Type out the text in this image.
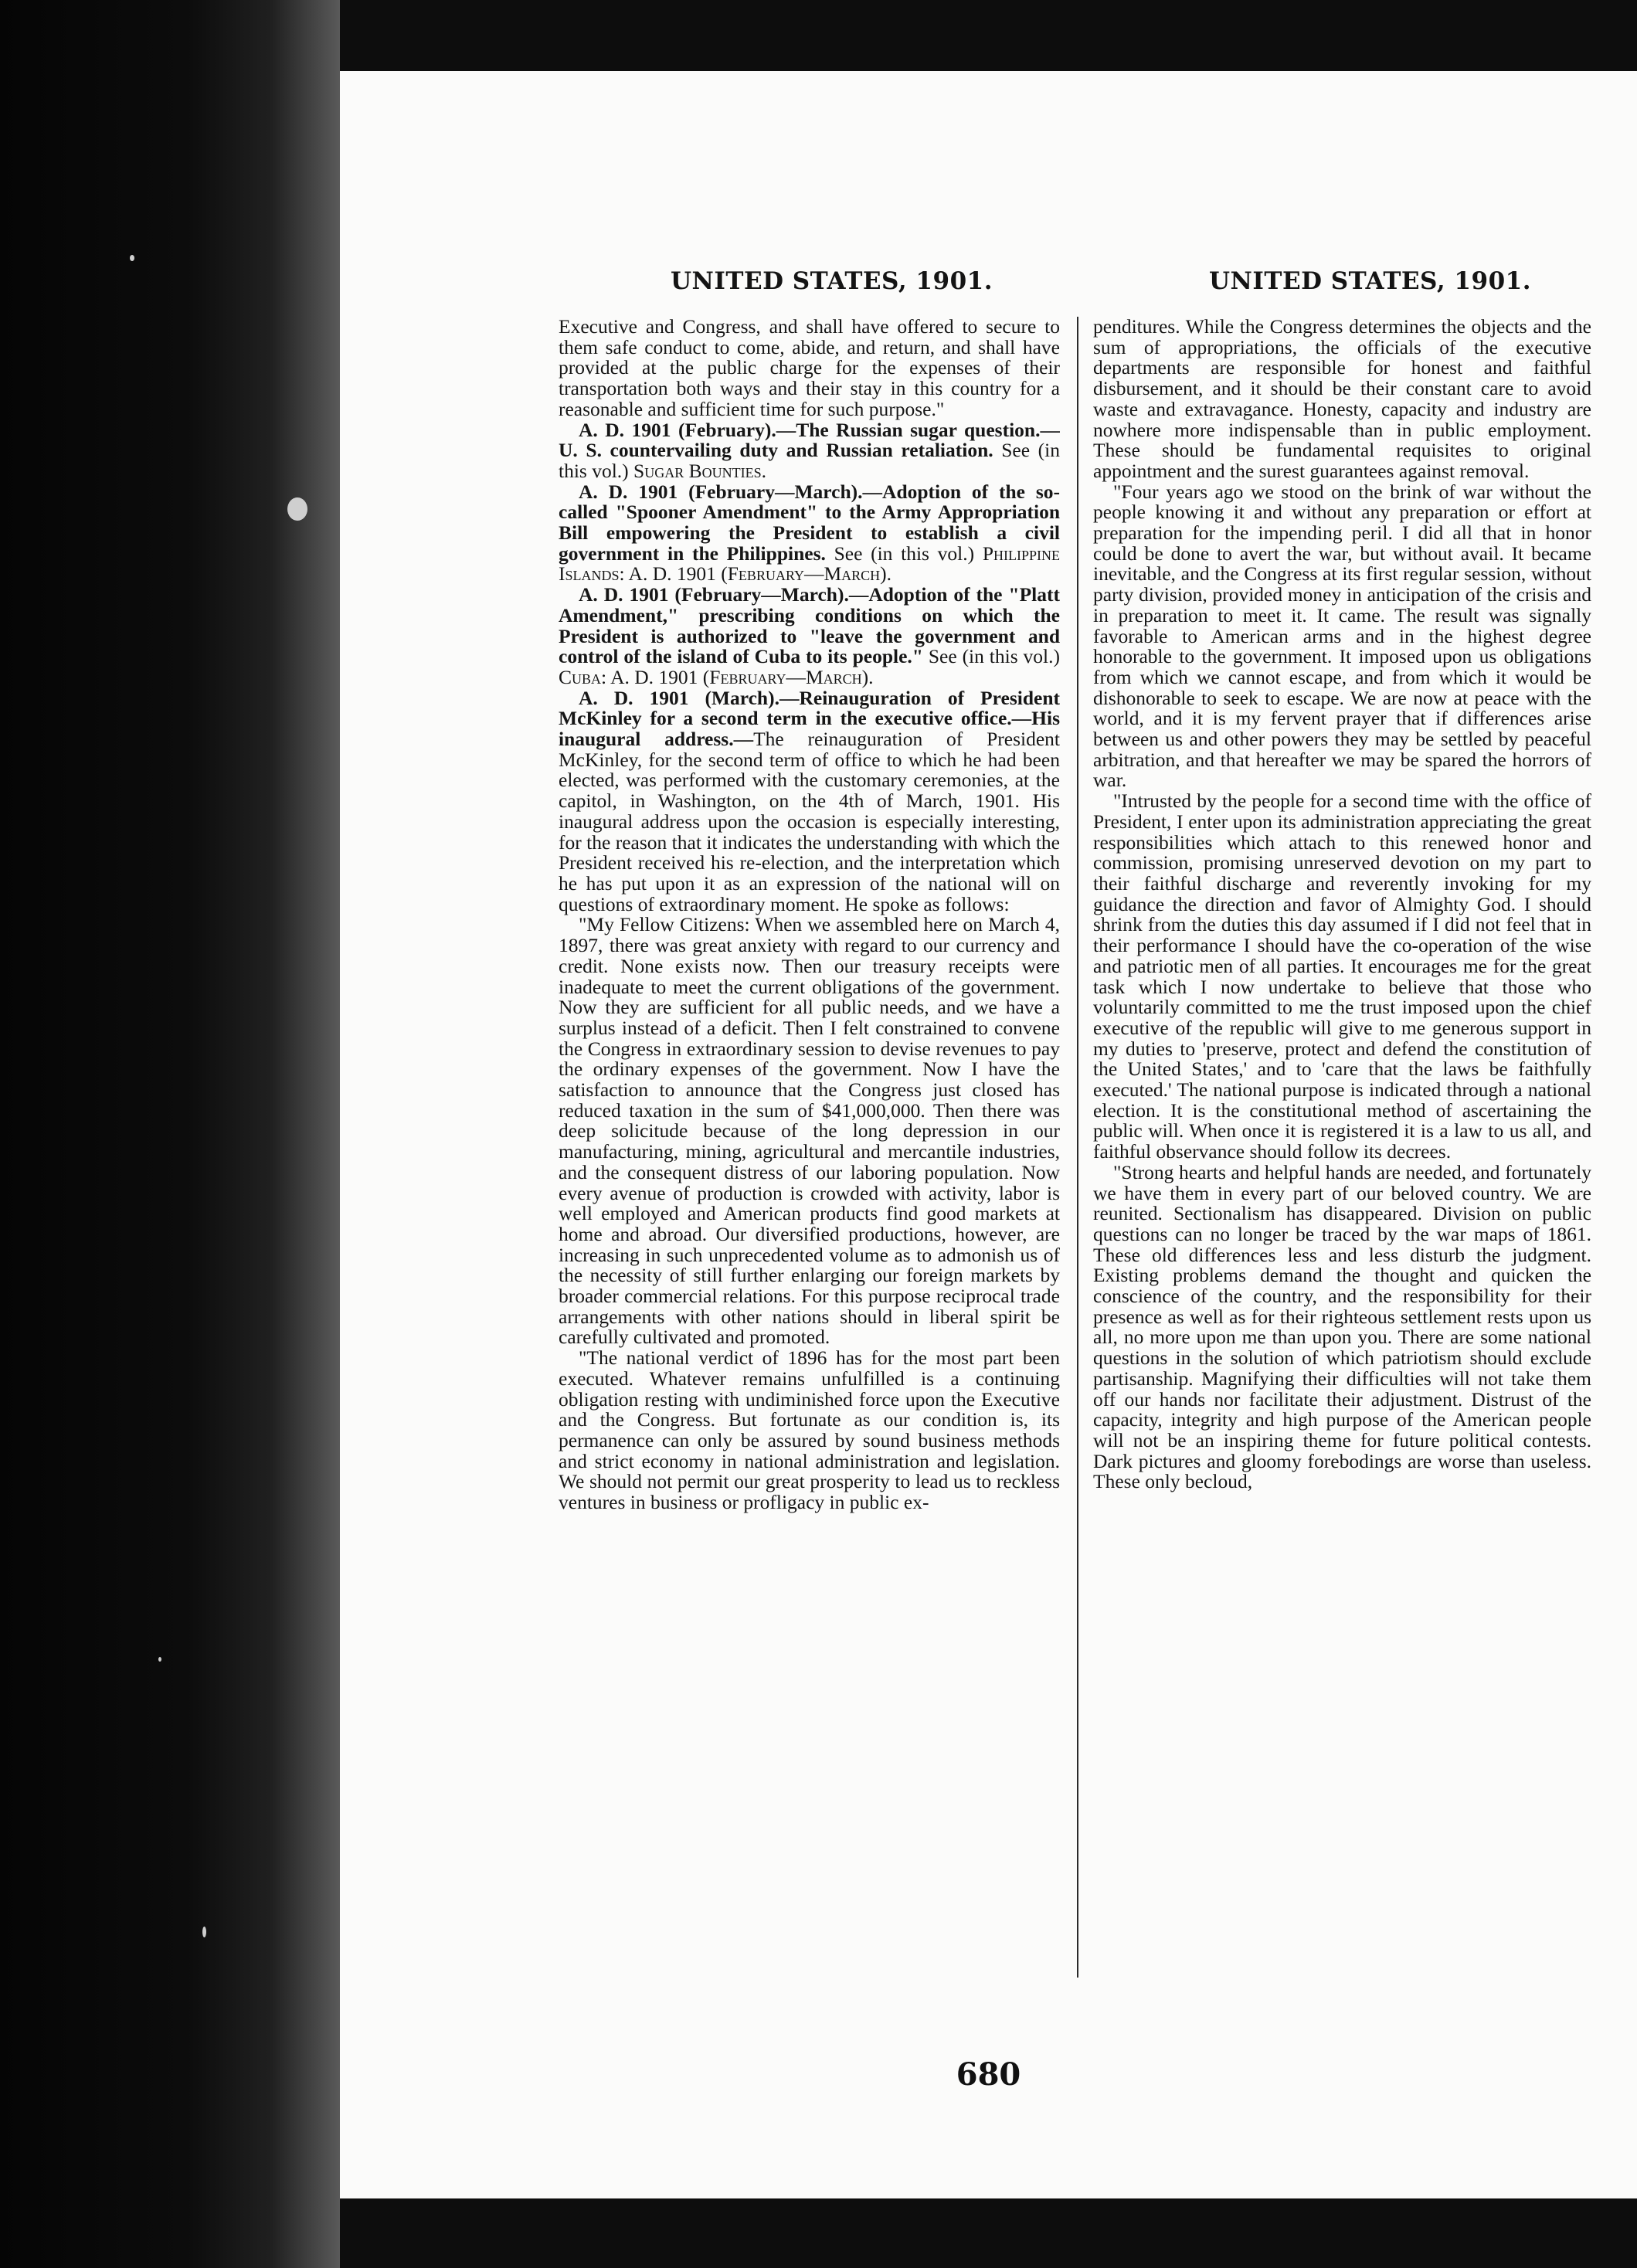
UNITED STATES, 1901.	UNITED STATES, 1901.

Executive and Congress, and shall have offered to secure to them safe conduct to come, abide, and return, and shall have provided at the public charge for the expenses of their transportation both ways and their stay in this country for a reasonable and sufficient time for such purpose."

A. D. 1901 (February).—The Russian sugar question.—U. S. countervailing duty and Russian retaliation. See (in this vol.) Sugar Bounties.

A. D. 1901 (February—March).—Adoption of the so-called "Spooner Amendment" to the Army Appropriation Bill empowering the President to establish a civil government in the Philippines. See (in this vol.) Philippine Islands: A. D. 1901 (February—March).

A. D. 1901 (February—March).—Adoption of the "Platt Amendment," prescribing conditions on which the President is authorized to "leave the government and control of the island of Cuba to its people." See (in this vol.) Cuba: A. D. 1901 (February—March).

A. D. 1901 (March).—Reinauguration of President McKinley for a second term in the executive office.—His inaugural address.—The reinauguration of President McKinley, for the second term of office to which he had been elected, was performed with the customary ceremonies, at the capitol, in Washington, on the 4th of March, 1901. His inaugural address upon the occasion is especially interesting, for the reason that it indicates the understanding with which the President received his re-election, and the interpretation which he has put upon it as an expression of the national will on questions of extraordinary moment. He spoke as follows:

"My Fellow Citizens: When we assembled here on March 4, 1897, there was great anxiety with regard to our currency and credit. None exists now. Then our treasury receipts were inadequate to meet the current obligations of the government. Now they are sufficient for all public needs, and we have a surplus instead of a deficit. Then I felt constrained to convene the Congress in extraordinary session to devise revenues to pay the ordinary expenses of the government. Now I have the satisfaction to announce that the Congress just closed has reduced taxation in the sum of $41,000,000. Then there was deep solicitude because of the long depression in our manufacturing, mining, agricultural and mercantile industries, and the consequent distress of our laboring population. Now every avenue of production is crowded with activity, labor is well employed and American products find good markets at home and abroad. Our diversified productions, however, are increasing in such unprecedented volume as to admonish us of the necessity of still further enlarging our foreign markets by broader commercial relations. For this purpose reciprocal trade arrangements with other nations should in liberal spirit be carefully cultivated and promoted.

"The national verdict of 1896 has for the most part been executed. Whatever remains unfulfilled is a continuing obligation resting with undiminished force upon the Executive and the Congress. But fortunate as our condition is, its permanence can only be assured by sound business methods and strict economy in national administration and legislation. We should not permit our great prosperity to lead us to reckless ventures in business or profligacy in public ex-

penditures. While the Congress determines the objects and the sum of appropriations, the officials of the executive departments are responsible for honest and faithful disbursement, and it should be their constant care to avoid waste and extravagance. Honesty, capacity and industry are nowhere more indispensable than in public employment. These should be fundamental requisites to original appointment and the surest guarantees against removal.

"Four years ago we stood on the brink of war without the people knowing it and without any preparation or effort at preparation for the impending peril. I did all that in honor could be done to avert the war, but without avail. It became inevitable, and the Congress at its first regular session, without party division, provided money in anticipation of the crisis and in preparation to meet it. It came. The result was signally favorable to American arms and in the highest degree honorable to the government. It imposed upon us obligations from which we cannot escape, and from which it would be dishonorable to seek to escape. We are now at peace with the world, and it is my fervent prayer that if differences arise between us and other powers they may be settled by peaceful arbitration, and that hereafter we may be spared the horrors of war.

"Intrusted by the people for a second time with the office of President, I enter upon its administration appreciating the great responsibilities which attach to this renewed honor and commission, promising unreserved devotion on my part to their faithful discharge and reverently invoking for my guidance the direction and favor of Almighty God. I should shrink from the duties this day assumed if I did not feel that in their performance I should have the co-operation of the wise and patriotic men of all parties. It encourages me for the great task which I now undertake to believe that those who voluntarily committed to me the trust imposed upon the chief executive of the republic will give to me generous support in my duties to 'preserve, protect and defend the constitution of the United States,' and to 'care that the laws be faithfully executed.' The national purpose is indicated through a national election. It is the constitutional method of ascertaining the public will. When once it is registered it is a law to us all, and faithful observance should follow its decrees.

"Strong hearts and helpful hands are needed, and fortunately we have them in every part of our beloved country. We are reunited. Sectionalism has disappeared. Division on public questions can no longer be traced by the war maps of 1861. These old differences less and less disturb the judgment. Existing problems demand the thought and quicken the conscience of the country, and the responsibility for their presence as well as for their righteous settlement rests upon us all, no more upon me than upon you. There are some national questions in the solution of which patriotism should exclude partisanship. Magnifying their difficulties will not take them off our hands nor facilitate their adjustment. Distrust of the capacity, integrity and high purpose of the American people will not be an inspiring theme for future political contests. Dark pictures and gloomy forebodings are worse than useless. These only becloud,

680
